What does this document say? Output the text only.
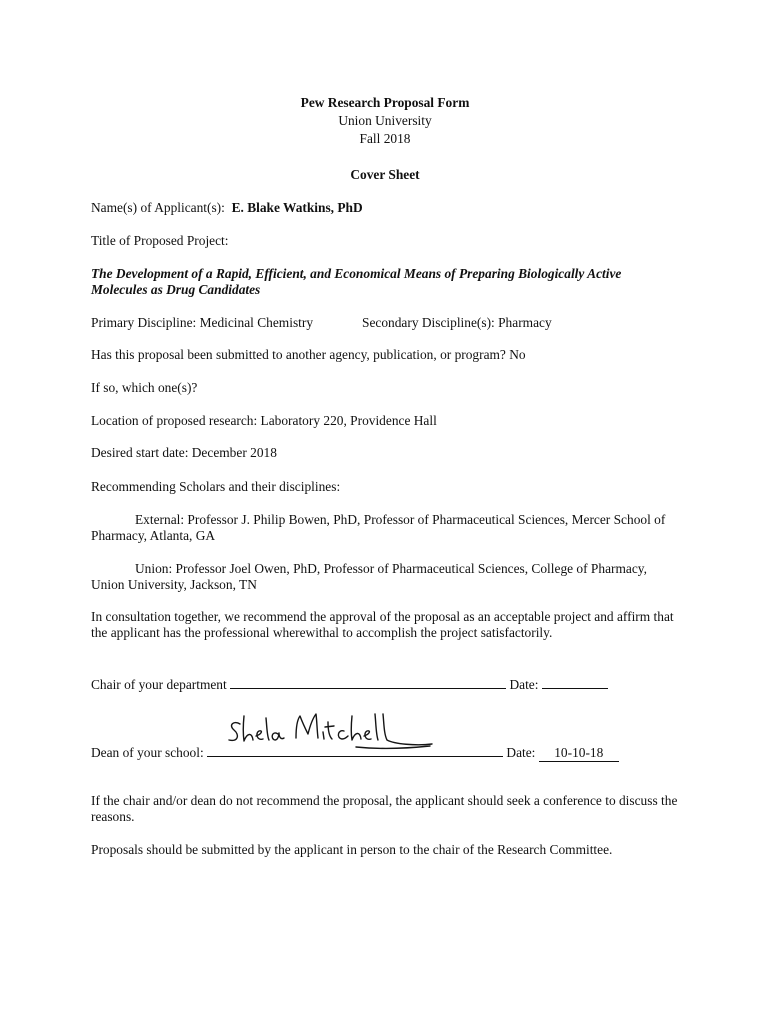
Pew Research Proposal Form
Union University
Fall 2018
Cover Sheet
Name(s) of Applicant(s): E. Blake Watkins, PhD
Title of Proposed Project:
The Development of a Rapid, Efficient, and Economical Means of Preparing Biologically Active
Molecules as Drug Candidates
Primary Discipline: Medicinal Chemistry	Secondary Discipline(s): Pharmacy
Has this proposal been submitted to another agency, publication, or program? No
If so, which one(s)?
Location of proposed research: Laboratory 220, Providence Hall
Desired start date: December 2018
Recommending Scholars and their disciplines:
External: Professor J. Philip Bowen, PhD, Professor of Pharmaceutical Sciences, Mercer School of Pharmacy, Atlanta, GA
Union: Professor Joel Owen, PhD, Professor of Pharmaceutical Sciences, College of Pharmacy, Union University, Jackson, TN
In consultation together, we recommend the approval of the proposal as an acceptable project and affirm that the applicant has the professional wherewithal to accomplish the project satisfactorily.
Chair of your department	Date:
Dean of your school:	Date: 10-10-18
If the chair and/or dean do not recommend the proposal, the applicant should seek a conference to discuss the reasons.
Proposals should be submitted by the applicant in person to the chair of the Research Committee.
